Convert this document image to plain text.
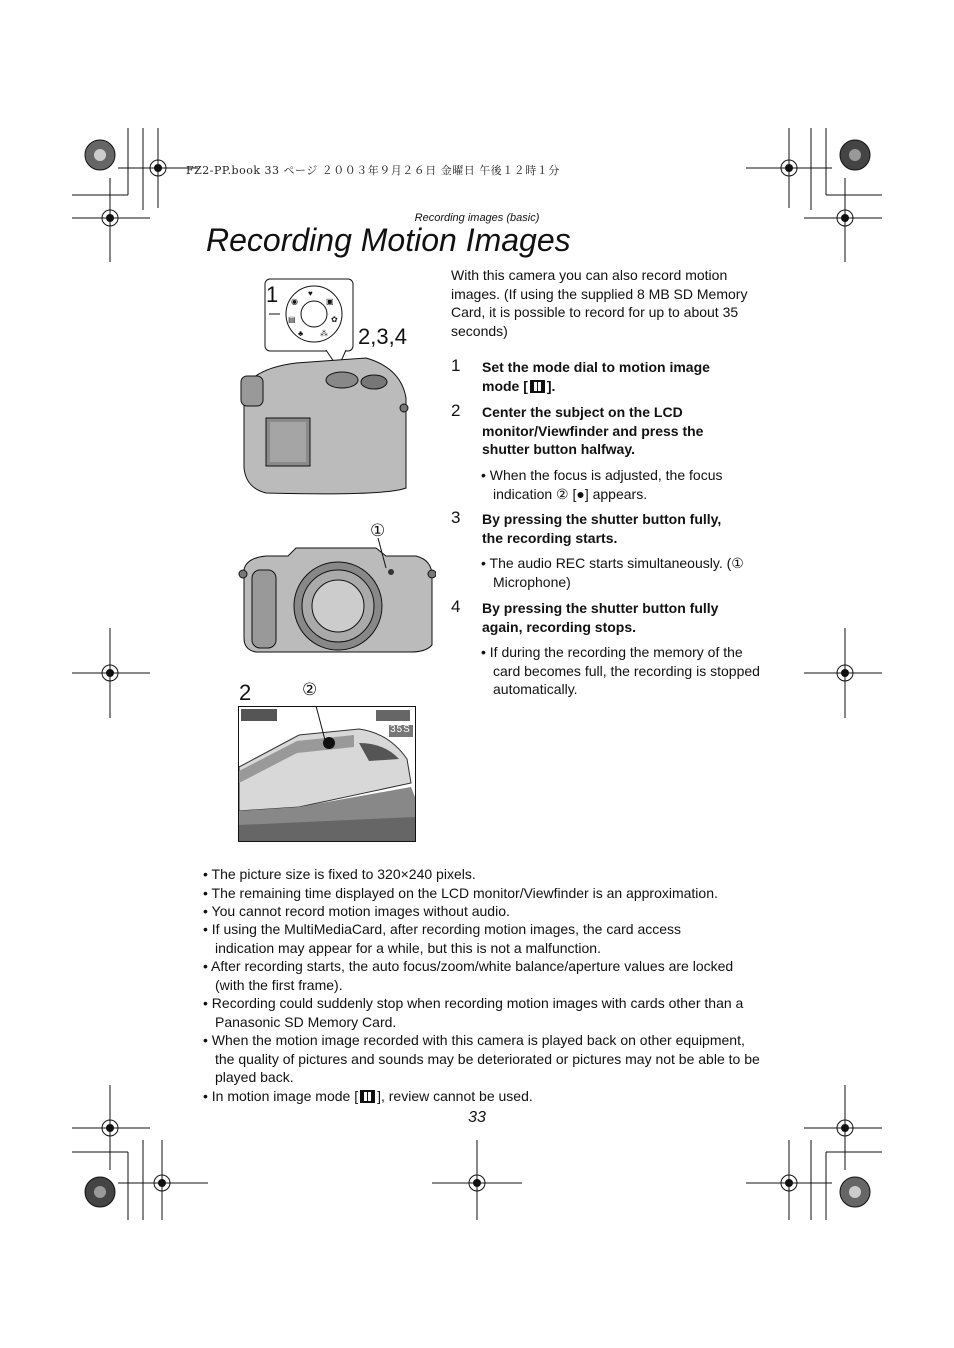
FZ2-PP.book 33 ページ ２００３年９月２６日 金曜日 午後１２時１分
Recording images (basic)
Recording Motion Images
♥
▣
✿
⁂
♣
▤
◉
1
2,3,4
①
2	②
35S

With this camera you can also record motion images. (If using the supplied 8 MB SD Memory Card, it is possible to record for up to about 35 seconds)

1 Set the mode dial to motion image mode [ ].

2 Center the subject on the LCD monitor/Viewfinder and press the shutter button halfway.

• When the focus is adjusted, the focus indication ② [●] appears.

3 By pressing the shutter button fully, the recording starts.

• The audio REC starts simultaneously. (① Microphone)

4 By pressing the shutter button fully again, recording stops.

• If during the recording the memory of the card becomes full, the recording is stopped automatically.

• The picture size is fixed to 320×240 pixels.

• The remaining time displayed on the LCD monitor/Viewfinder is an approximation.

• You cannot record motion images without audio.

• If using the MultiMediaCard, after recording motion images, the card access indication may appear for a while, but this is not a malfunction.

• After recording starts, the auto focus/zoom/white balance/aperture values are locked (with the first frame).

• Recording could suddenly stop when recording motion images with cards other than a Panasonic SD Memory Card.

• When the motion image recorded with this camera is played back on other equipment, the quality of pictures and sounds may be deteriorated or pictures may not be able to be played back.

• In motion image mode [ ], review cannot be used.

33
